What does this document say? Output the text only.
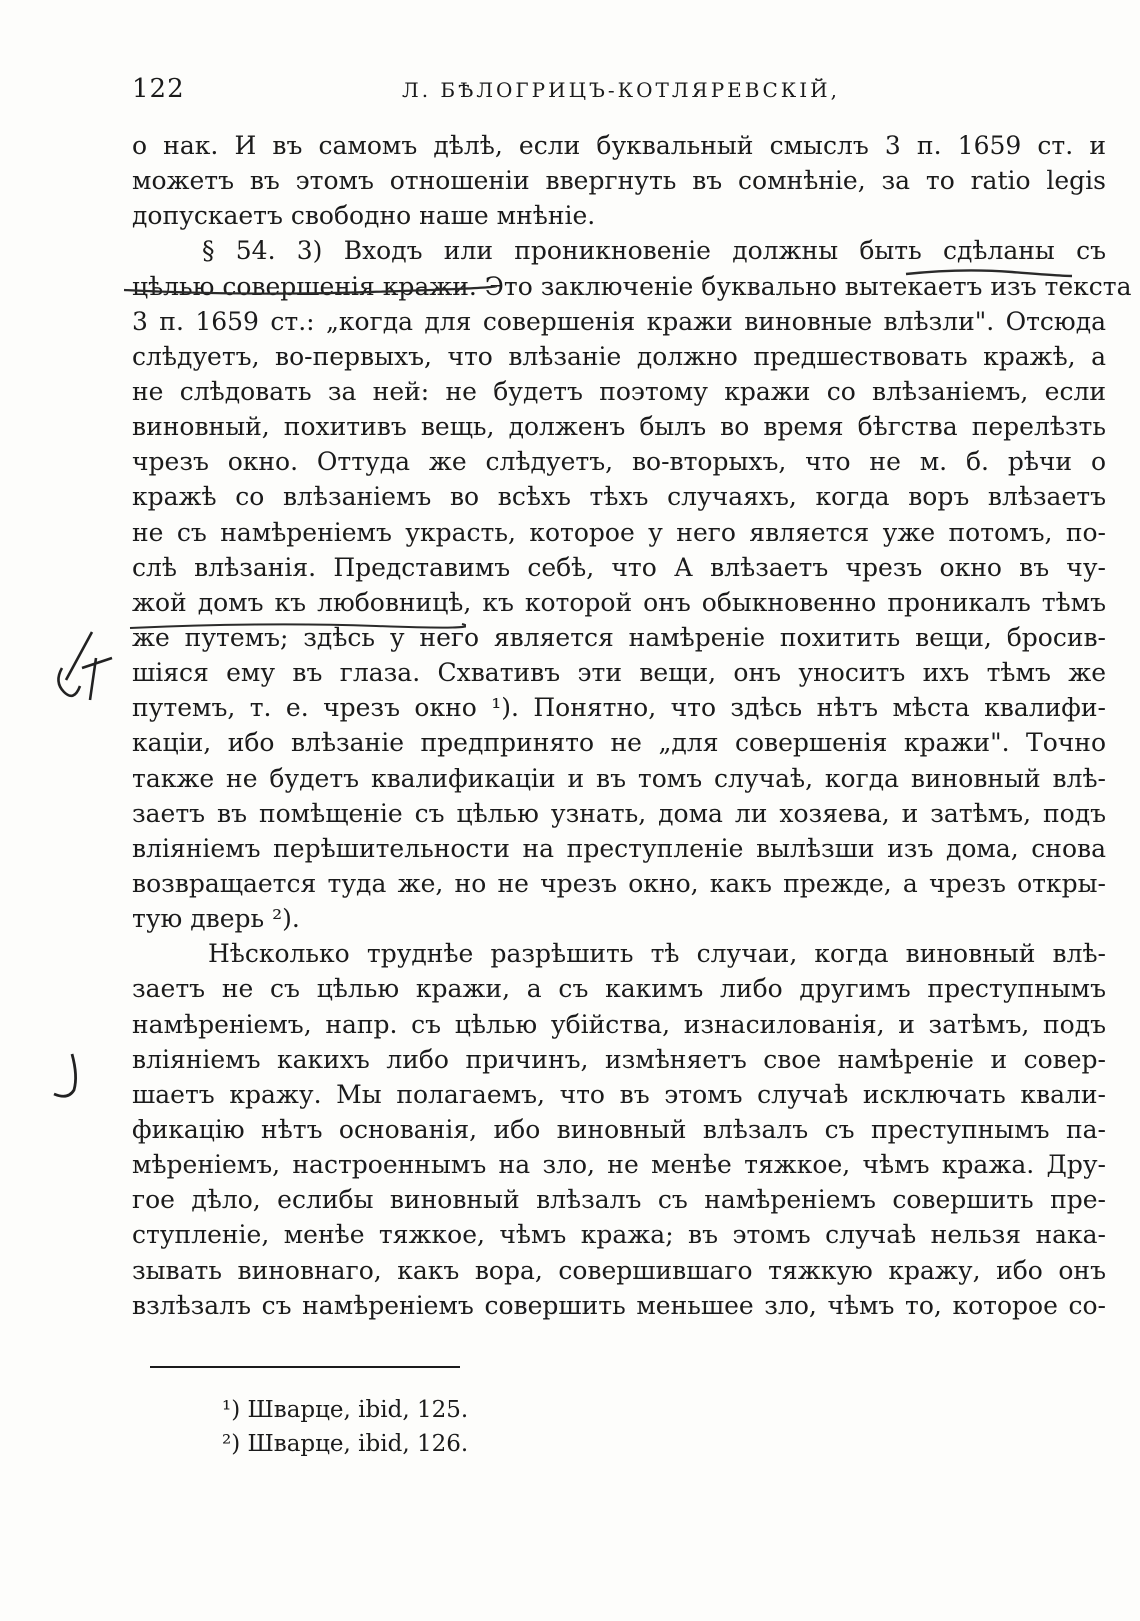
122	Л. БѢЛОГРИЦЪ-КОТЛЯРЕВСКІЙ,
о нак. И въ самомъ дѣлѣ, если буквальный смыслъ 3 п. 1659 ст. и
можетъ въ этомъ отношеніи ввергнуть въ сомнѣніе, за то ratio legis
допускаетъ свободно наше мнѣніе.
§ 54. 3) Входъ или проникновеніе должны быть сдѣланы съ
цѣлью совершенія кражи. Это заключеніе буквально вытекаетъ изъ текста
3 п. 1659 ст.: „когда для совершенія кражи виновные влѣзли". Отсюда
слѣдуетъ, во-первыхъ, что влѣзаніе должно предшествовать кражѣ, а
не слѣдовать за ней: не будетъ поэтому кражи со влѣзаніемъ, если
виновный, похитивъ вещь, долженъ былъ во время бѣгства перелѣзть
чрезъ окно. Оттуда же слѣдуетъ, во-вторыхъ, что не м. б. рѣчи о
кражѣ со влѣзаніемъ во всѣхъ тѣхъ случаяхъ, когда воръ влѣзаетъ
не съ намѣреніемъ украсть, которое у него является уже потомъ, по-
слѣ влѣзанія. Представимъ себѣ, что А влѣзаетъ чрезъ окно въ чу-
жой домъ къ любовницѣ, къ которой онъ обыкновенно проникалъ тѣмъ
же путемъ; здѣсь у него является намѣреніе похитить вещи, бросив-
шіяся ему въ глаза. Схвативъ эти вещи, онъ уноситъ ихъ тѣмъ же
путемъ, т. е. чрезъ окно ¹). Понятно, что здѣсь нѣтъ мѣста квалифи-
каціи, ибо влѣзаніе предпринято не „для совершенія кражи". Точно
также не будетъ квалификаціи и въ томъ случаѣ, когда виновный влѣ-
заетъ въ помѣщеніе съ цѣлью узнать, дома ли хозяева, и затѣмъ, подъ
вліяніемъ перѣшительности на преступленіе вылѣзши изъ дома, снова
возвращается туда же, но не чрезъ окно, какъ прежде, а чрезъ откры-
тую дверь ²).
Нѣсколько труднѣе разрѣшить тѣ случаи, когда виновный влѣ-
заетъ не съ цѣлью кражи, а съ какимъ либо другимъ преступнымъ
намѣреніемъ, напр. съ цѣлью убійства, изнасилованія, и затѣмъ, подъ
вліяніемъ какихъ либо причинъ, измѣняетъ свое намѣреніе и совер-
шаетъ кражу. Мы полагаемъ, что въ этомъ случаѣ исключать квали-
фикацію нѣтъ основанія, ибо виновный влѣзалъ съ преступнымъ па-
мѣреніемъ, настроеннымъ на зло, не менѣе тяжкое, чѣмъ кража. Дру-
гое дѣло, еслибы виновный влѣзалъ съ намѣреніемъ совершить пре-
ступленіе, менѣе тяжкое, чѣмъ кража; въ этомъ случаѣ нельзя нака-
зывать виновнаго, какъ вора, совершившаго тяжкую кражу, ибо онъ
взлѣзалъ съ намѣреніемъ совершить меньшее зло, чѣмъ то, которое со-
¹) Шварце, ibid, 125.
²) Шварце, ibid, 126.
